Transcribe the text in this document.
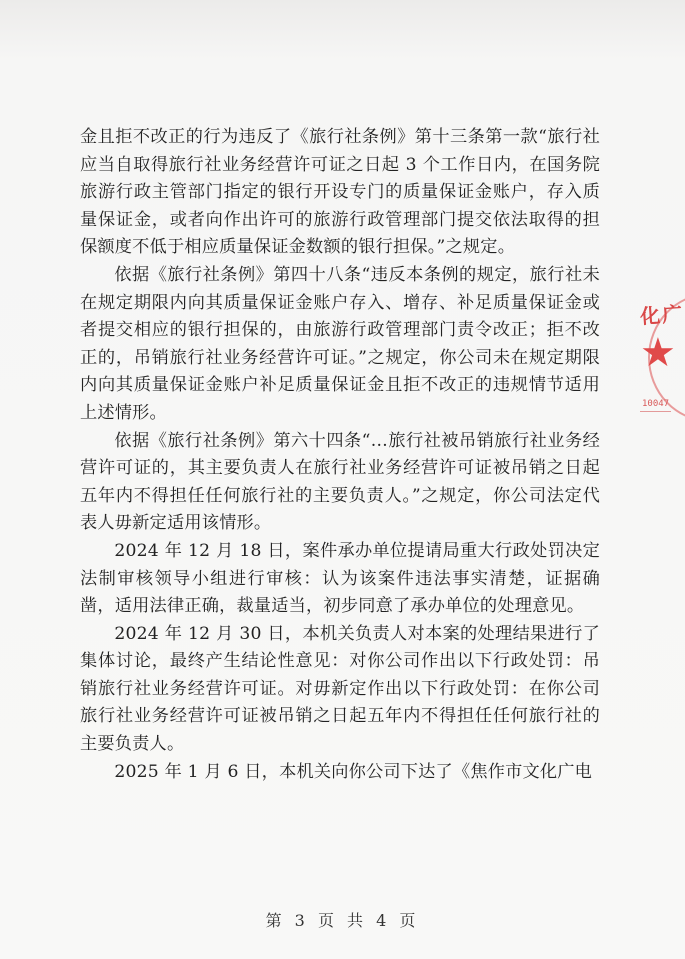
金且拒不改正的行为违反了《旅行社条例》第十三条第一款“旅行社应当自取得旅行社业务经营许可证之日起 3 个工作日内，在国务院旅游行政主管部门指定的银行开设专门的质量保证金账户，存入质量保证金，或者向作出许可的旅游行政管理部门提交依法取得的担保额度不低于相应质量保证金数额的银行担保。”之规定。

依据《旅行社条例》第四十八条“违反本条例的规定，旅行社未在规定期限内向其质量保证金账户存入、增存、补足质量保证金或者提交相应的银行担保的，由旅游行政管理部门责令改正；拒不改正的，吊销旅行社业务经营许可证。”之规定，你公司未在规定期限内向其质量保证金账户补足质量保证金且拒不改正的违规情节适用上述情形。

依据《旅行社条例》第六十四条“…旅行社被吊销旅行社业务经营许可证的，其主要负责人在旅行社业务经营许可证被吊销之日起五年内不得担任任何旅行社的主要负责人。”之规定，你公司法定代表人毋新定适用该情形。

2024 年 12 月 18 日，案件承办单位提请局重大行政处罚决定法制审核领导小组进行审核：认为该案件违法事实清楚，证据确凿，适用法律正确，裁量适当，初步同意了承办单位的处理意见。

2024 年 12 月 30 日，本机关负责人对本案的处理结果进行了集体讨论，最终产生结论性意见：对你公司作出以下行政处罚：吊销旅行社业务经营许可证。对毋新定作出以下行政处罚：在你公司旅行社业务经营许可证被吊销之日起五年内不得担任任何旅行社的主要负责人。

2025 年 1 月 6 日，本机关向你公司下达了《焦作市文化广电

化广
★
10047
第 3 页 共 4 页
